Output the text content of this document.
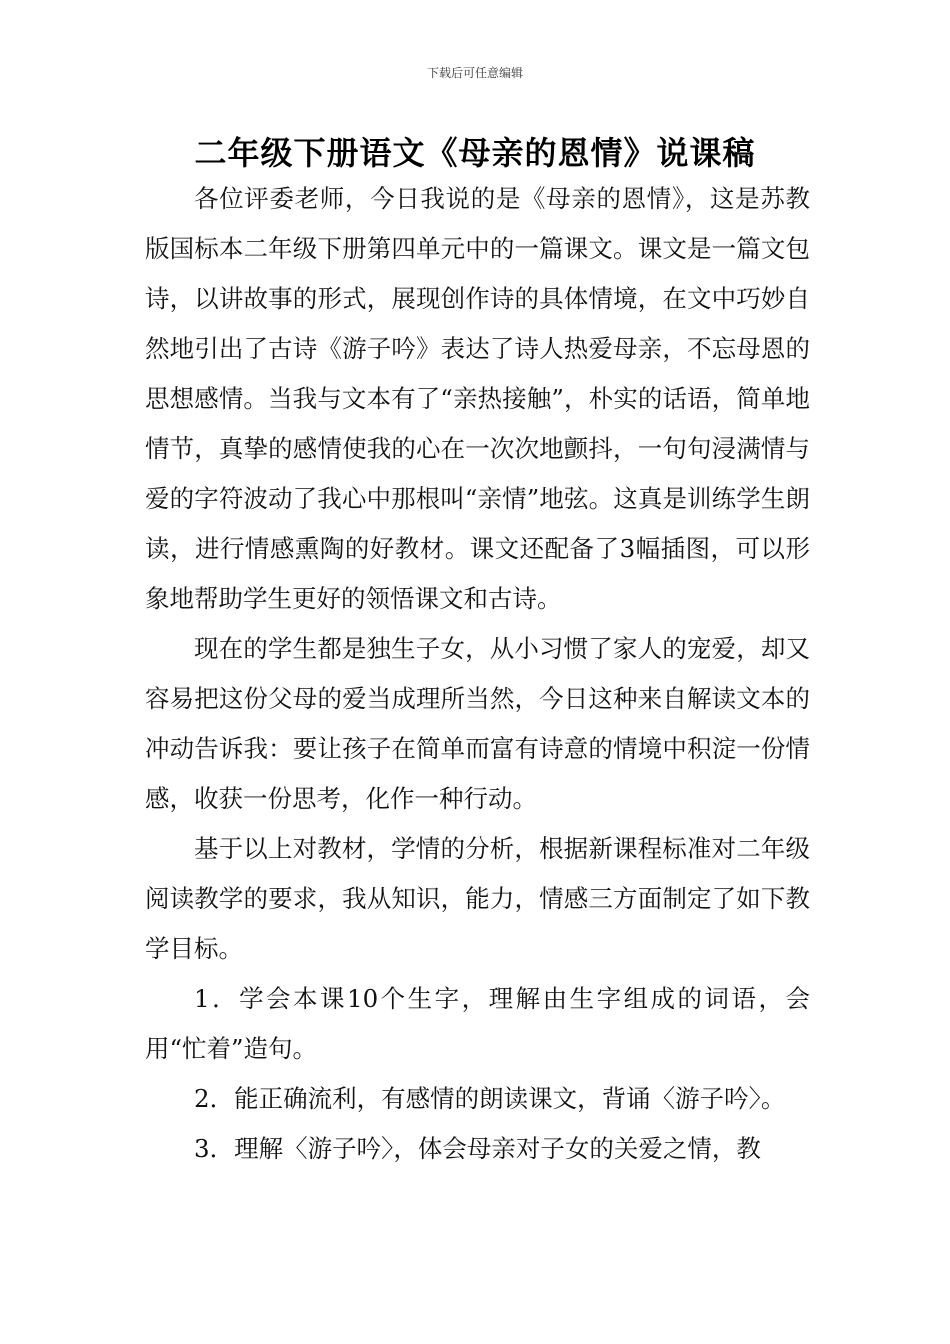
下载后可任意编辑
二年级下册语文《母亲的恩情》说课稿

各位评委老师，今日我说的是《母亲的恩情》，这是苏教版国标本二年级下册第四单元中的一篇课文。课文是一篇文包诗，以讲故事的形式，展现创作诗的具体情境，在文中巧妙自然地引出了古诗《游子吟》表达了诗人热爱母亲，不忘母恩的思想感情。当我与文本有了“亲热接触”，朴实的话语，简单地情节，真挚的感情使我的心在一次次地颤抖，一句句浸满情与爱的字符波动了我心中那根叫“亲情”地弦。这真是训练学生朗读，进行情感熏陶的好教材。课文还配备了3幅插图，可以形象地帮助学生更好的领悟课文和古诗。

现在的学生都是独生子女，从小习惯了家人的宠爱，却又容易把这份父母的爱当成理所当然，今日这种来自解读文本的冲动告诉我：要让孩子在简单而富有诗意的情境中积淀一份情感，收获一份思考，化作一种行动。

基于以上对教材，学情的分析，根据新课程标准对二年级阅读教学的要求，我从知识，能力，情感三方面制定了如下教学目标。

1．学会本课10个生字，理解由生字组成的词语，会用“忙着”造句。

2．能正确流利，有感情的朗读课文，背诵〈游子吟〉。

3．理解〈游子吟〉，体会母亲对子女的关爱之情，教
